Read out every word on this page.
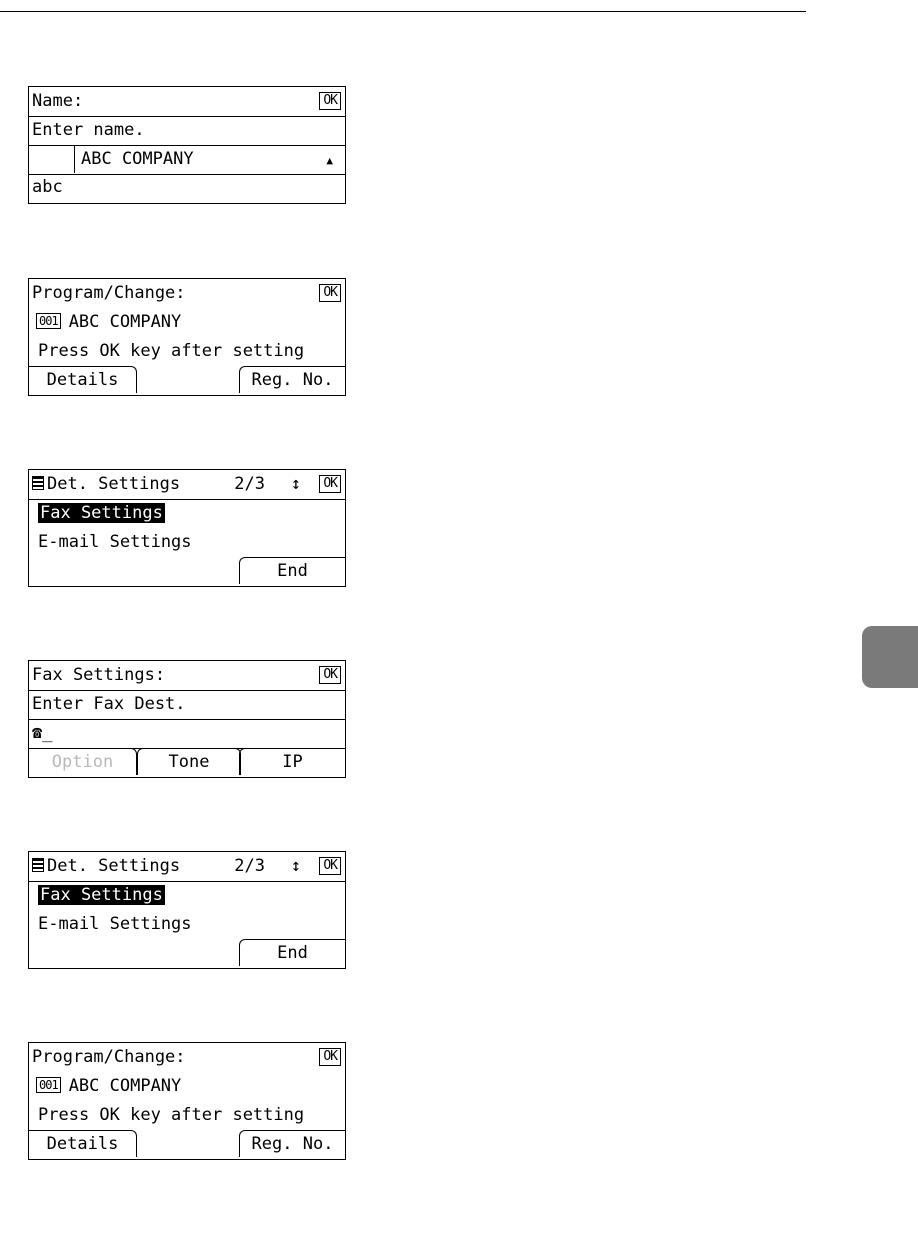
Name:

	OK

Enter name.

abc

ABC COMPANY

	▲

Program/Change:

	OK

001 ABC COMPANY

Press OK key after setting

Details

	Reg. No.

Det. Settings

	2/3

↕

	OK

Fax Settings

E-mail Settings

End

Fax Settings:

	OK

Enter Fax Dest.

☎_

Option

	Tone

	IP

Det. Settings

	2/3

↕

	OK

Fax Settings

E-mail Settings

End

Program/Change:

	OK

001 ABC COMPANY

Press OK key after setting

Details

	Reg. No.
